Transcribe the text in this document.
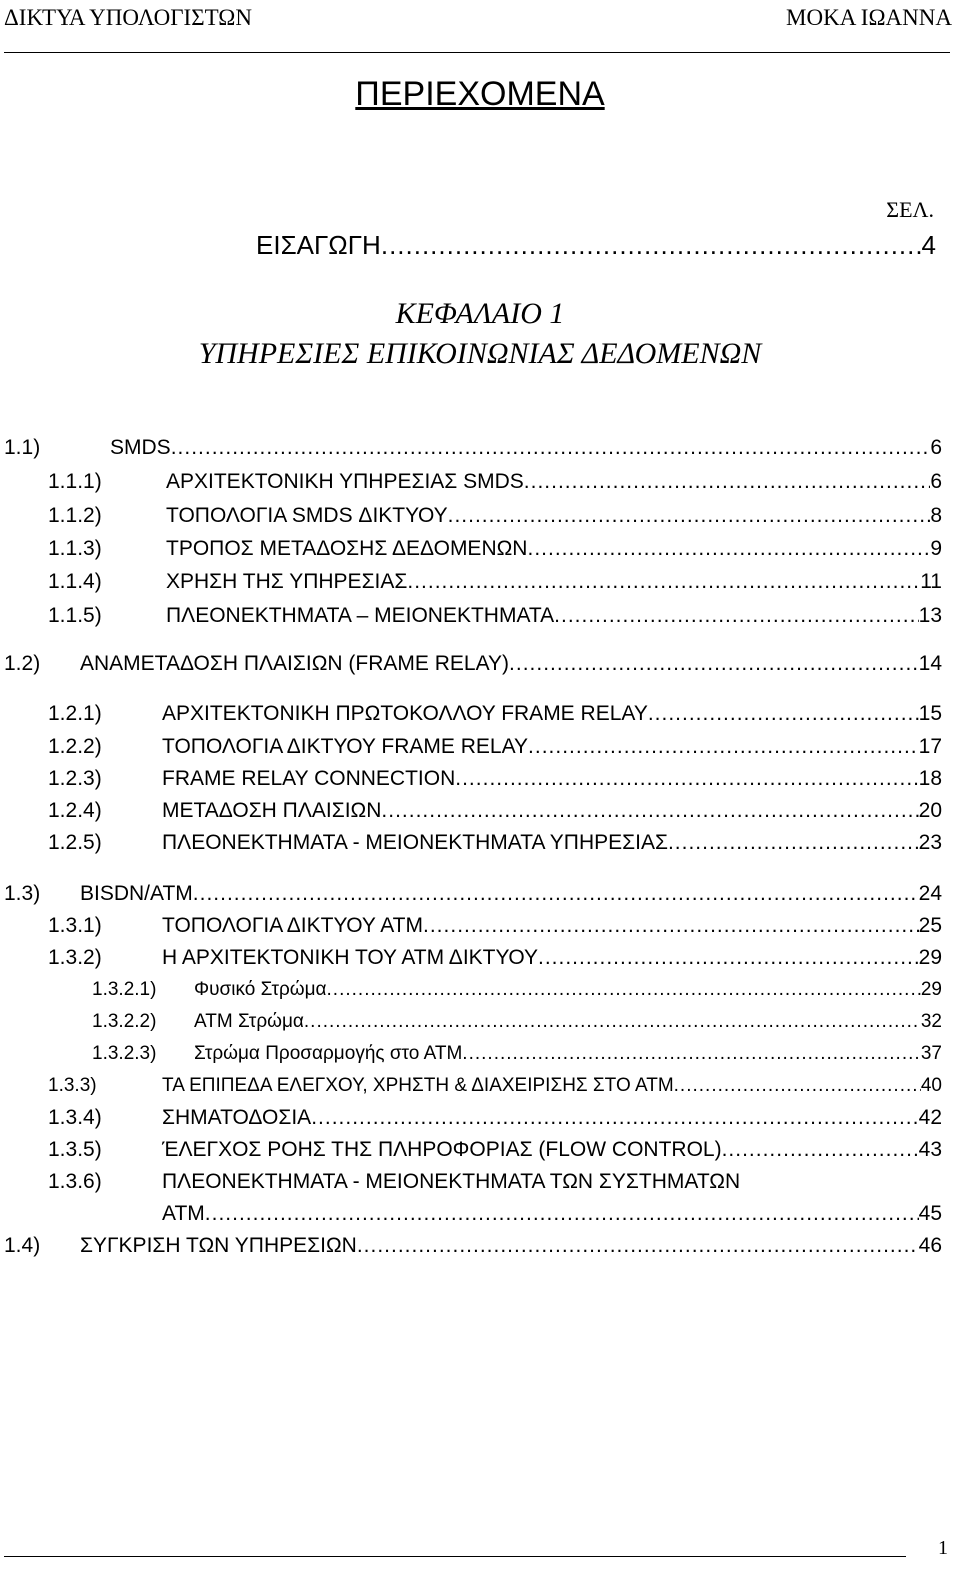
ΔΙΚΤΥΑ ΥΠΟΛΟΓΙΣΤΩΝ	ΜΟΚΑ ΙΩΑΝΝΑ
ΠΕΡΙΕΧΟΜΕΝΑ
ΣΕΛ.
ΕΙΣΑΓΩΓΗ .....	4
ΚΕΦΑΛΑΙΟ 1
ΥΠΗΡΕΣΙΕΣ ΕΠΙΚΟΙΝΩΝΙΑΣ ΔΕΔΟΜΕΝΩΝ
1.1)	SMDS .....	6
1.1.1)	ΑΡΧΙΤΕΚΤΟΝΙΚΗ ΥΠΗΡΕΣΙΑΣ SMDS .....	6
1.1.2)	ΤΟΠΟΛΟΓΙΑ SMDS ΔΙΚΤΥΟΥ .....	8
1.1.3)	ΤΡΟΠΟΣ ΜΕΤΑΔΟΣΗΣ ΔΕΔΟΜΕΝΩΝ .....	9
1.1.4)	ΧΡΗΣΗ ΤΗΣ ΥΠΗΡΕΣΙΑΣ .....	11
1.1.5)	ΠΛΕΟΝΕΚΤΗΜΑΤΑ – ΜΕΙΟΝΕΚΤΗΜΑΤΑ .....	13
1.2)	ΑΝΑΜΕΤΑΔΟΣΗ ΠΛΑΙΣΙΩΝ (FRAME RELAY) .....	14
1.2.1)	ΑΡΧΙΤΕΚΤΟΝΙΚΗ ΠΡΩΤΟΚΟΛΛΟΥ FRAME RELAY .....	15
1.2.2)	ΤΟΠΟΛΟΓΙΑ ΔΙΚΤΥΟΥ FRAME RELAY .....	17
1.2.3)	FRAME RELAY CONNECTION .....	18
1.2.4)	ΜΕΤΑΔΟΣΗ ΠΛΑΙΣΙΩΝ .....	20
1.2.5)	ΠΛΕΟΝΕΚΤΗΜΑΤΑ - ΜΕΙΟΝΕΚΤΗΜΑΤΑ ΥΠΗΡΕΣΙΑΣ .....	23
1.3)	BISDN/ATM .....	24
1.3.1)	ΤΟΠΟΛΟΓΙΑ ΔΙΚΤΥΟΥ ΑΤΜ .....	25
1.3.2)	Η ΑΡΧΙΤΕΚΤΟΝΙΚΗ ΤΟΥ ΑΤΜ ΔΙΚΤΥΟΥ .....	29
1.3.2.1)	Φυσικό Στρώμα .....	29
1.3.2.2)	ΑΤΜ Στρώμα .....	32
1.3.2.3)	Στρώμα Προσαρμογής στο ΑΤΜ .....	37
1.3.3)	ΤΑ ΕΠΙΠΕΔΑ ΕΛΕΓΧΟΥ, ΧΡΗΣΤΗ & ΔΙΑΧΕΙΡΙΣΗΣ ΣΤΟ ΑΤΜ .....	40
1.3.4)	ΣΗΜΑΤΟΔΟΣΙΑ .....	42
1.3.5)	ΈΛΕΓΧΟΣ ΡΟΗΣ ΤΗΣ ΠΛΗΡΟΦΟΡΙΑΣ (FLOW CONTROL) .....	43
1.3.6)	ΠΛΕΟΝΕΚΤΗΜΑΤΑ - ΜΕΙΟΝΕΚΤΗΜΑΤΑ ΤΩΝ ΣΥΣΤΗΜΑΤΩΝ
ΑΤΜ .....	45
1.4)	ΣΥΓΚΡΙΣΗ ΤΩΝ ΥΠΗΡΕΣΙΩΝ .....	46
1
